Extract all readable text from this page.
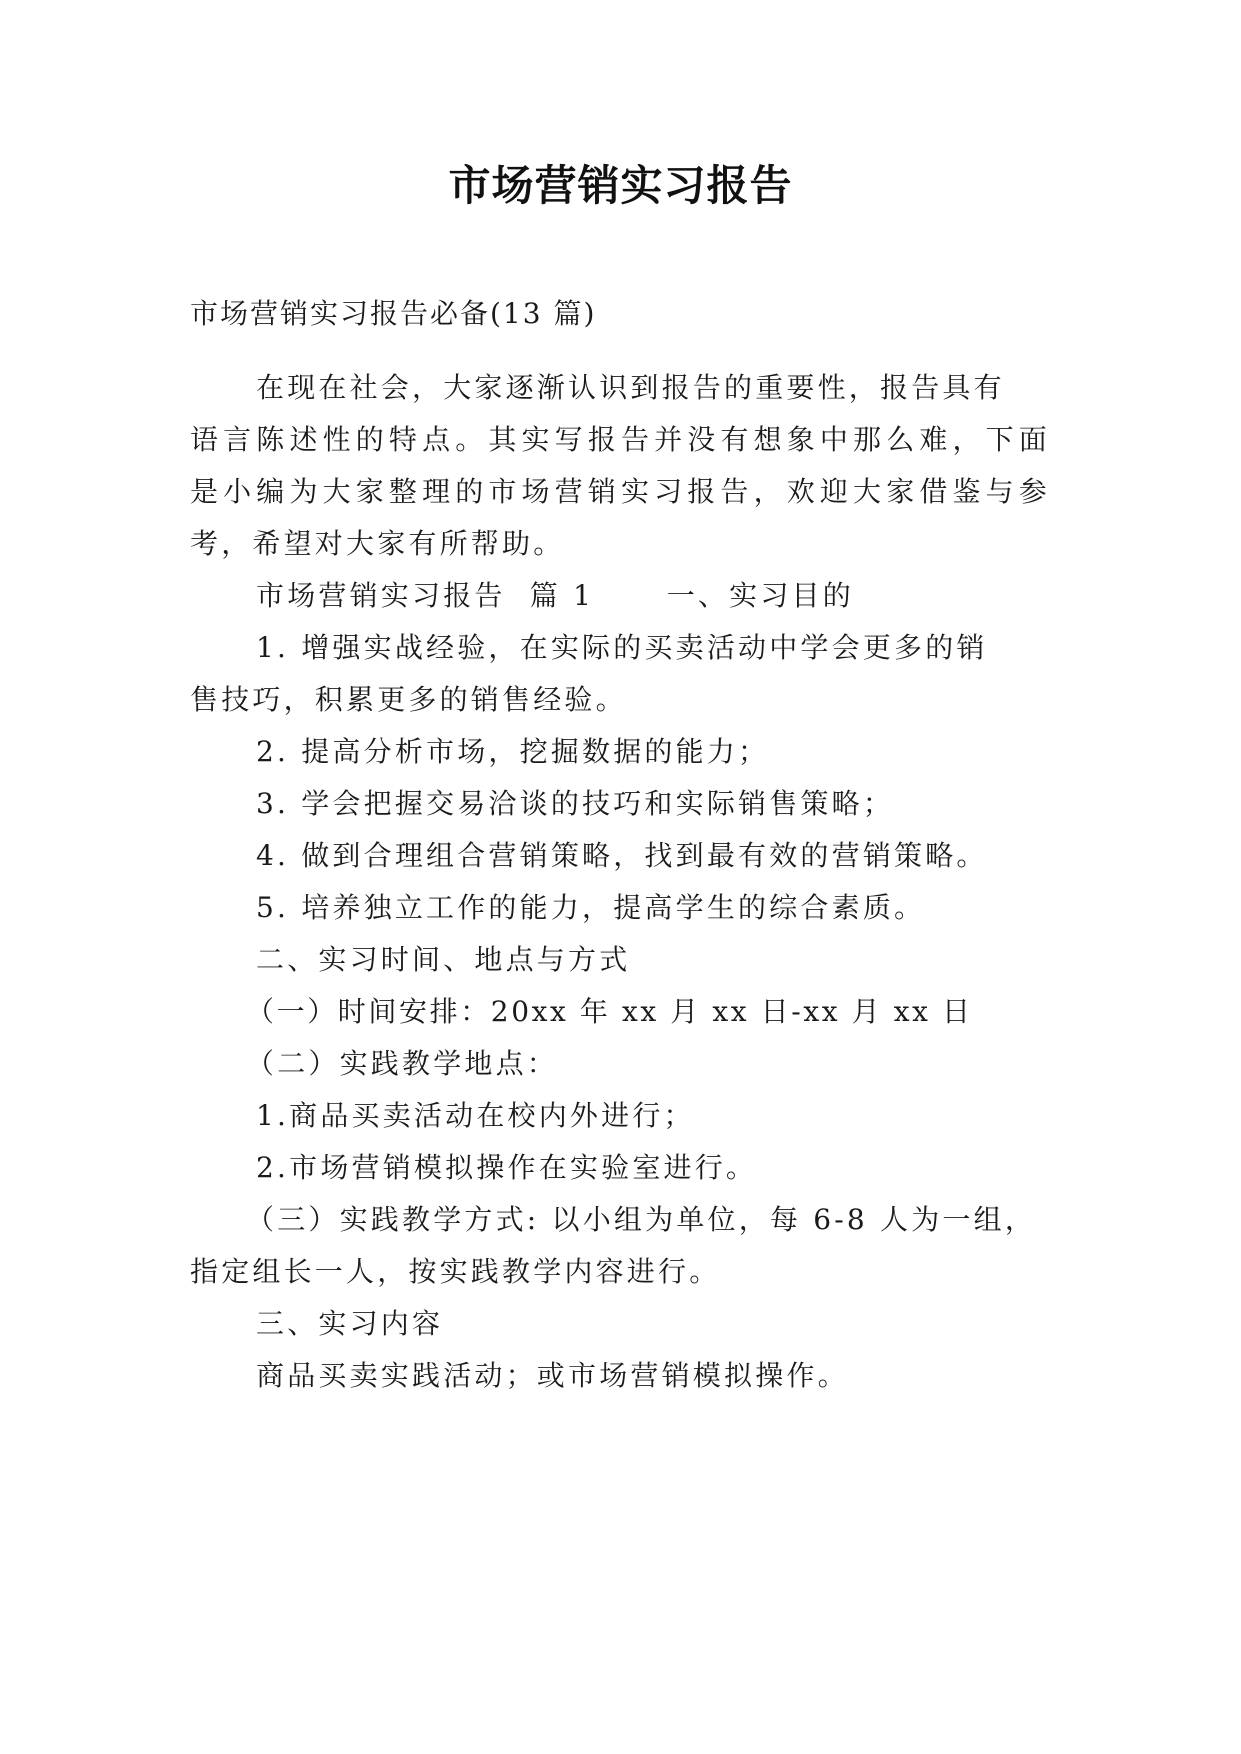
市场营销实习报告
市场营销实习报告必备(13 篇)
在现在社会，大家逐渐认识到报告的重要性，报告具有
语言陈述性的特点。其实写报告并没有想象中那么难，下面
是小编为大家整理的市场营销实习报告，欢迎大家借鉴与参
考，希望对大家有所帮助。
市场营销实习报告  篇 1      一、实习目的
1. 增强实战经验，在实际的买卖活动中学会更多的销
售技巧，积累更多的销售经验。
2. 提高分析市场，挖掘数据的能力；
3. 学会把握交易洽谈的技巧和实际销售策略；
4. 做到合理组合营销策略，找到最有效的营销策略。
5. 培养独立工作的能力，提高学生的综合素质。
二、实习时间、地点与方式
（一）时间安排：20xx 年 xx 月 xx 日-xx 月 xx 日
（二）实践教学地点：
1.商品买卖活动在校内外进行；
2.市场营销模拟操作在实验室进行。
（三）实践教学方式: 以小组为单位，每 6-8 人为一组，
指定组长一人，按实践教学内容进行。
三、实习内容
商品买卖实践活动；或市场营销模拟操作。
